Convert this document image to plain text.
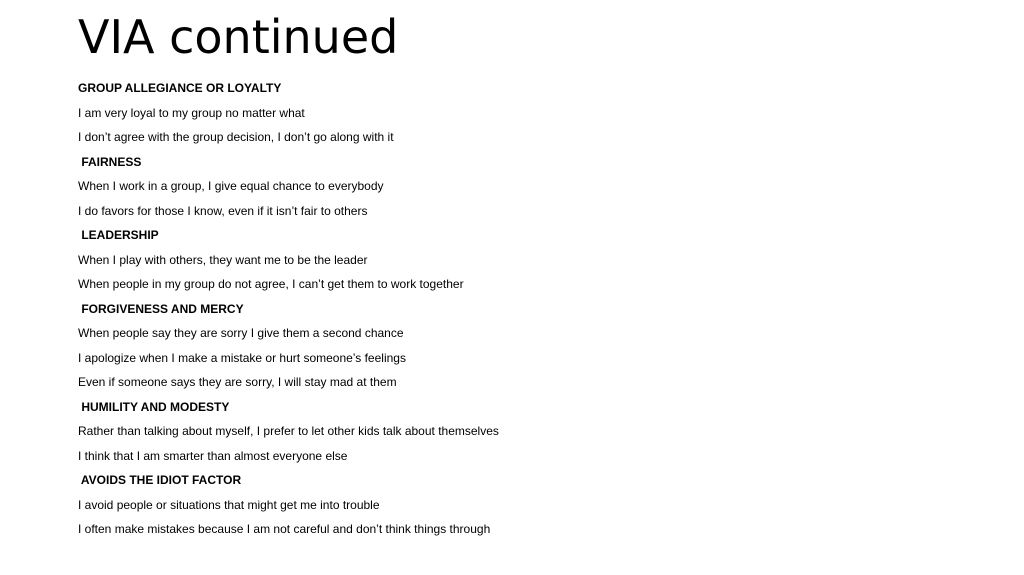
VIA continued
GROUP ALLEGIANCE OR LOYALTY
I am very loyal to my group no matter what
I don’t agree with the group decision, I don’t go along with it
FAIRNESS
When I work in a group, I give equal chance to everybody
I do favors for those I know, even if it isn’t fair to others
LEADERSHIP
When I play with others, they want me to be the leader
When people in my group do not agree, I can’t get them to work together
FORGIVENESS AND MERCY
When people say they are sorry I give them a second chance
I apologize when I make a mistake or hurt someone’s feelings
Even if someone says they are sorry, I will stay mad at them
HUMILITY AND MODESTY
Rather than talking about myself, I prefer to let other kids talk about themselves
I think that I am smarter than almost everyone else
AVOIDS THE IDIOT FACTOR
I avoid people or situations that might get me into trouble
I often make mistakes because I am not careful and don’t think things through
